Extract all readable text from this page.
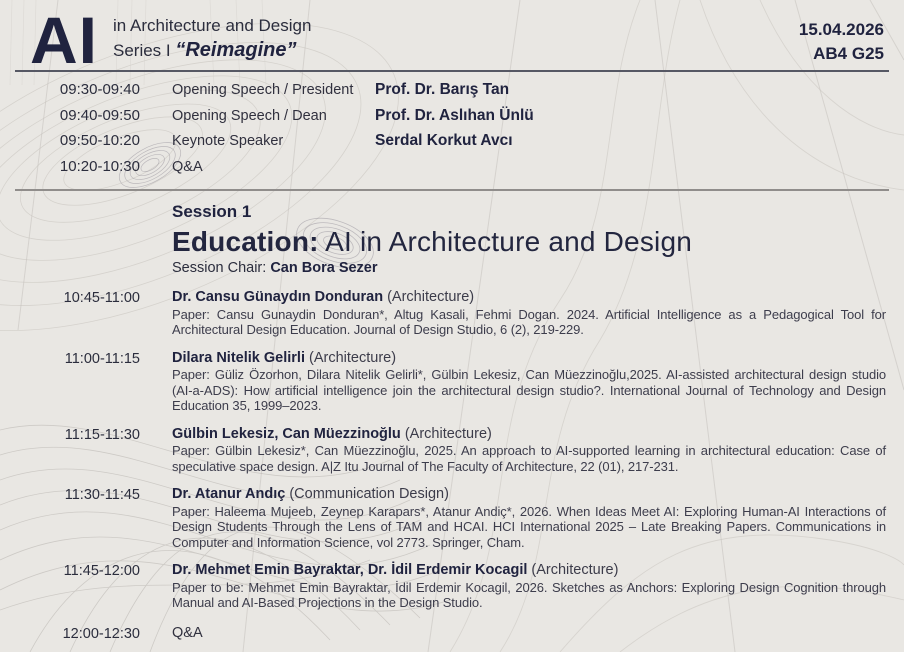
AI in Architecture and Design
Series I “Reimagine”
15.04.2026
AB4 G25
09:30-09:40 Opening Speech / President	Prof. Dr. Barış Tan
09:40-09:50 Opening Speech / Dean	Prof. Dr. Aslıhan Ünlü
09:50-10:20 Keynote Speaker	Serdal Korkut Avcı
10:20-10:30 Q&A
Session 1
Education: AI in Architecture and Design
Session Chair: Can Bora Sezer
10:45-11:00 Dr. Cansu Günaydın Donduran (Architecture)
Paper: Cansu Gunaydin Donduran*, Altug Kasali, Fehmi Dogan. 2024. Artificial Intelligence as a Pedagogical Tool for Architectural Design Education. Journal of Design Studio, 6 (2), 219-229.
11:00-11:15 Dilara Nitelik Gelirli (Architecture)
Paper: Güliz Özorhon, Dilara Nitelik Gelirli*, Gülbin Lekesiz, Can Müezzinoğlu,2025. AI-assisted architectural design studio (AI-a-ADS): How artificial intelligence join the architectural design studio?. International Journal of Technology and Design Education 35, 1999–2023.
11:15-11:30 Gülbin Lekesiz, Can Müezzinoğlu (Architecture)
Paper: Gülbin Lekesiz*, Can Müezzinoğlu, 2025. An approach to AI-supported learning in architectural education: Case of speculative space design. A|Z Itu Journal of The Faculty of Architecture, 22 (01), 217-231.
11:30-11:45 Dr. Atanur Andıç (Communication Design)
Paper: Haleema Mujeeb, Zeynep Karapars*, Atanur Andiç*, 2026. When Ideas Meet AI: Exploring Human-AI Interactions of Design Students Through the Lens of TAM and HCAI. HCI International 2025 – Late Breaking Papers. Communications in Computer and Information Science, vol 2773. Springer, Cham.
11:45-12:00 Dr. Mehmet Emin Bayraktar, Dr. İdil Erdemir Kocagil (Architecture)
Paper to be: Mehmet Emin Bayraktar, İdil Erdemir Kocagil, 2026. Sketches as Anchors: Exploring Design Cognition through Manual and AI-Based Projections in the Design Studio.
12:00-12:30 Q&A
